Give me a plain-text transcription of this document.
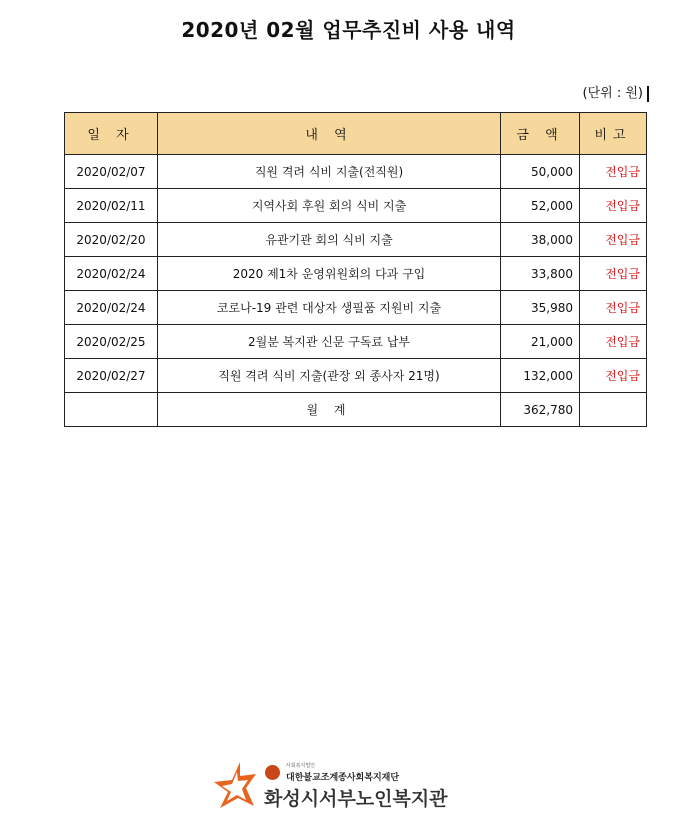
2020년 02월 업무추진비 사용 내역
(단위 : 원)
일 자	내 역	금 액	비고
2020/02/07	직원 격려 식비 지출(전직원)	50,000	전입금
2020/02/11	지역사회 후원 회의 식비 지출	52,000	전입금
2020/02/20	유관기관 회의 식비 지출	38,000	전입금
2020/02/24	2020 제1차 운영위원회의 다과 구입	33,800	전입금
2020/02/24	코로나-19 관련 대상자 생필품 지원비 지출	35,980	전입금
2020/02/25	2월분 복지관 신문 구독료 납부	21,000	전입금
2020/02/27	직원 격려 식비 지출(관장 외 종사자 21명)	132,000	전입금
	월 계	362,780	
사회복지법인
대한불교조계종사회복지재단
화성시서부노인복지관
